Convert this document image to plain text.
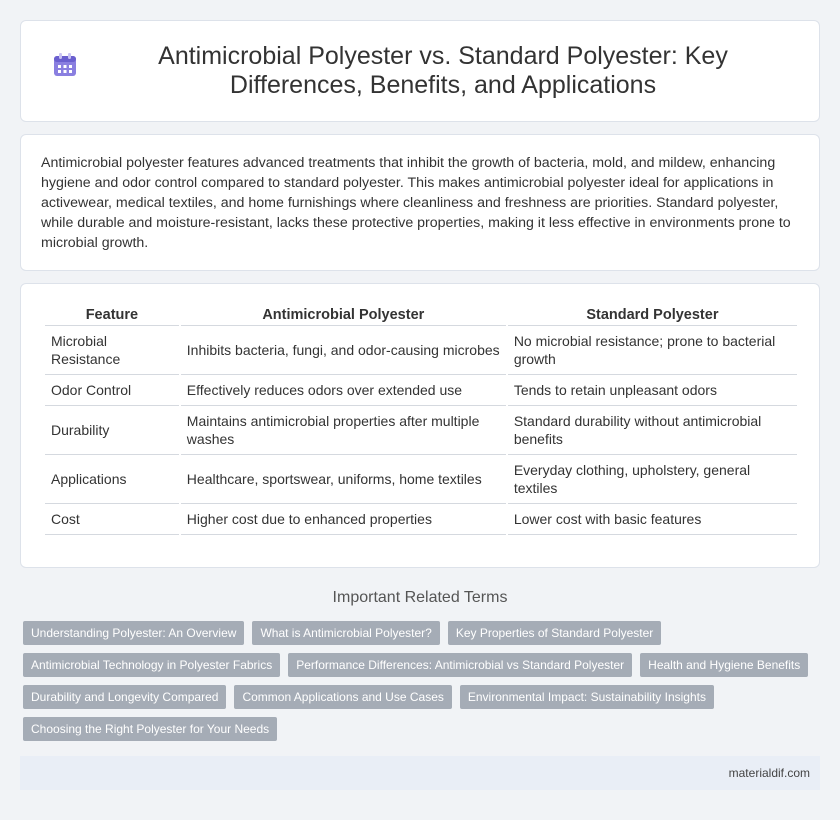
Antimicrobial Polyester vs. Standard Polyester: Key Differences, Benefits, and Applications

Antimicrobial polyester features advanced treatments that inhibit the growth of bacteria, mold, and mildew, enhancing hygiene and odor control compared to standard polyester. This makes antimicrobial polyester ideal for applications in activewear, medical textiles, and home furnishings where cleanliness and freshness are priorities. Standard polyester, while durable and moisture-resistant, lacks these protective properties, making it less effective in environments prone to microbial growth.

Feature	Antimicrobial Polyester	Standard Polyester
Microbial Resistance	Inhibits bacteria, fungi, and odor-causing microbes	No microbial resistance; prone to bacterial growth
Odor Control	Effectively reduces odors over extended use	Tends to retain unpleasant odors
Durability	Maintains antimicrobial properties after multiple washes	Standard durability without antimicrobial benefits
Applications	Healthcare, sportswear, uniforms, home textiles	Everyday clothing, upholstery, general textiles
Cost	Higher cost due to enhanced properties	Lower cost with basic features
Important Related Terms
Understanding Polyester: An Overview	What is Antimicrobial Polyester?	Key Properties of Standard Polyester
Antimicrobial Technology in Polyester Fabrics	Performance Differences: Antimicrobial vs Standard Polyester	Health and Hygiene Benefits
Durability and Longevity Compared	Common Applications and Use Cases	Environmental Impact: Sustainability Insights
Choosing the Right Polyester for Your Needs
materialdif.com
